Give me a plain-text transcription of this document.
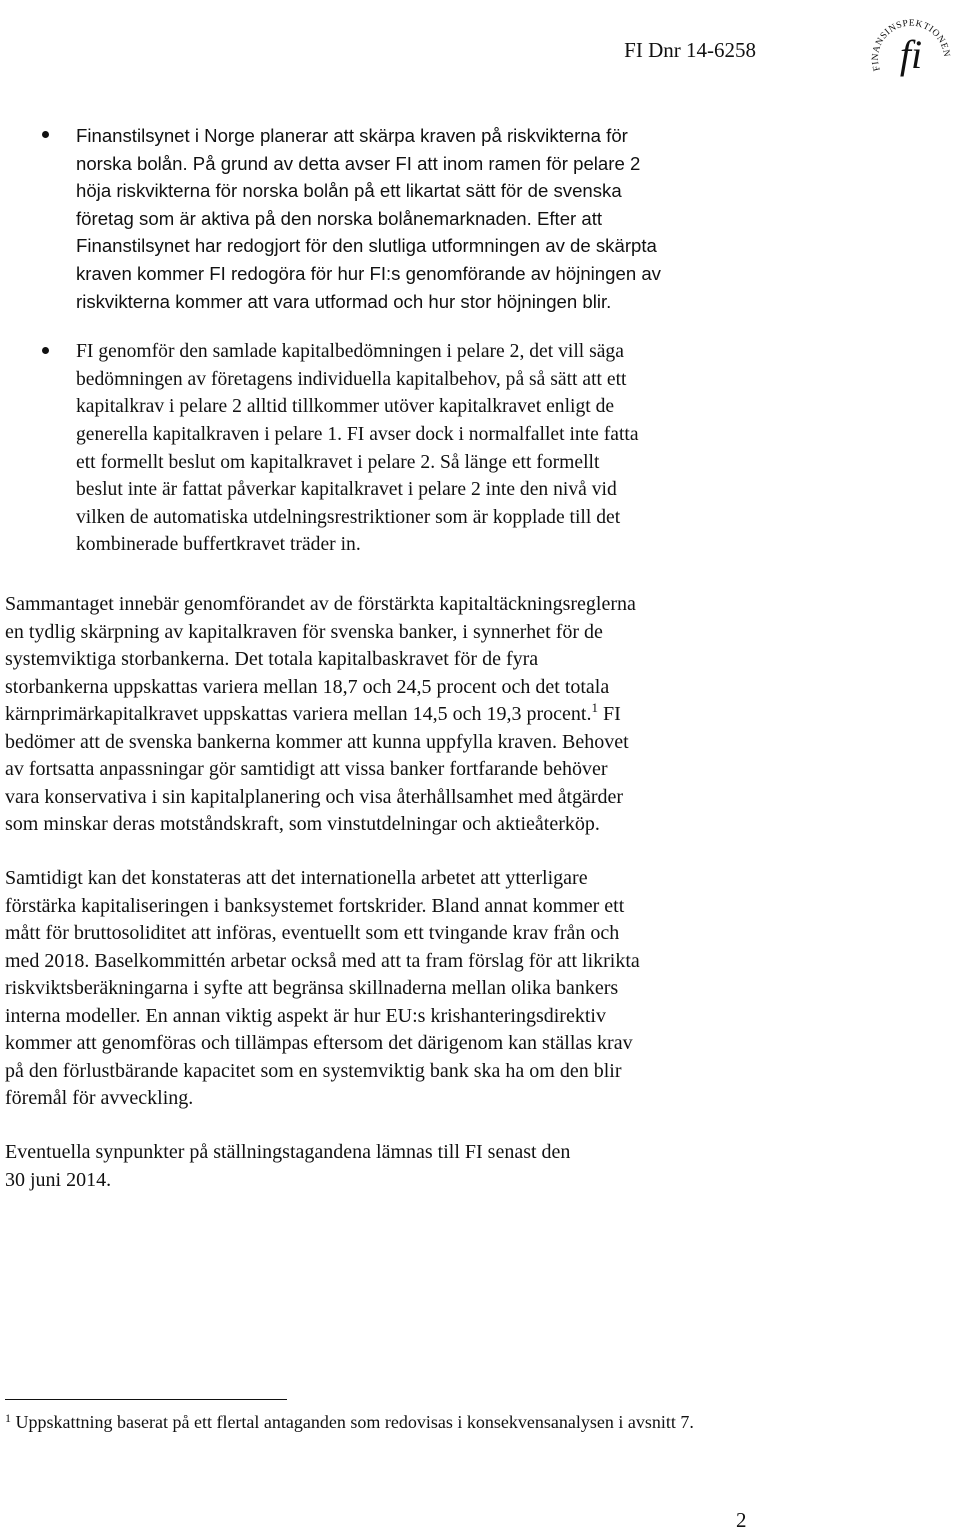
FI Dnr 14-6258
FINANSINSPEKTIONEN
fi

Finanstilsynet i Norge planerar att skärpa kraven på riskvikterna för
norska bolån. På grund av detta avser FI att inom ramen för pelare 2
höja riskvikterna för norska bolån på ett likartat sätt för de svenska
företag som är aktiva på den norska bolånemarknaden. Efter att
Finanstilsynet har redogjort för den slutliga utformningen av de skärpta
kraven kommer FI redogöra för hur FI:s genomförande av höjningen av
riskvikterna kommer att vara utformad och hur stor höjningen blir.

FI genomför den samlade kapitalbedömningen i pelare 2, det vill säga
bedömningen av företagens individuella kapitalbehov, på så sätt att ett
kapitalkrav i pelare 2 alltid tillkommer utöver kapitalkravet enligt de
generella kapitalkraven i pelare 1. FI avser dock i normalfallet inte fatta
ett formellt beslut om kapitalkravet i pelare 2. Så länge ett formellt
beslut inte är fattat påverkar kapitalkravet i pelare 2 inte den nivå vid
vilken de automatiska utdelningsrestriktioner som är kopplade till det
kombinerade buffertkravet träder in.

Sammantaget innebär genomförandet av de förstärkta kapitaltäckningsreglerna
en tydlig skärpning av kapitalkraven för svenska banker, i synnerhet för de
systemviktiga storbankerna. Det totala kapitalbaskravet för de fyra
storbankerna uppskattas variera mellan 18,7 och 24,5 procent och det totala
kärnprimärkapitalkravet uppskattas variera mellan 14,5 och 19,3 procent.$^1$ FI
bedömer att de svenska bankerna kommer att kunna uppfylla kraven. Behovet
av fortsatta anpassningar gör samtidigt att vissa banker fortfarande behöver
vara konservativa i sin kapitalplanering och visa återhållsamhet med åtgärder
som minskar deras motståndskraft, som vinstutdelningar och aktieåterköp.

Samtidigt kan det konstateras att det internationella arbetet att ytterligare
förstärka kapitaliseringen i banksystemet fortskrider. Bland annat kommer ett
mått för bruttosoliditet att införas, eventuellt som ett tvingande krav från och
med 2018. Baselkommittén arbetar också med att ta fram förslag för att likrikta
riskviktsberäkningarna i syfte att begränsa skillnaderna mellan olika bankers
interna modeller. En annan viktig aspekt är hur EU:s krishanteringsdirektiv
kommer att genomföras och tillämpas eftersom det därigenom kan ställas krav
på den förlustbärande kapacitet som en systemviktig bank ska ha om den blir
föremål för avveckling.

Eventuella synpunkter på ställningstagandena lämnas till FI senast den
30 juni 2014.

$^1$ Uppskattning baserat på ett flertal antaganden som redovisas i konsekvensanalysen i avsnitt 7.
2
